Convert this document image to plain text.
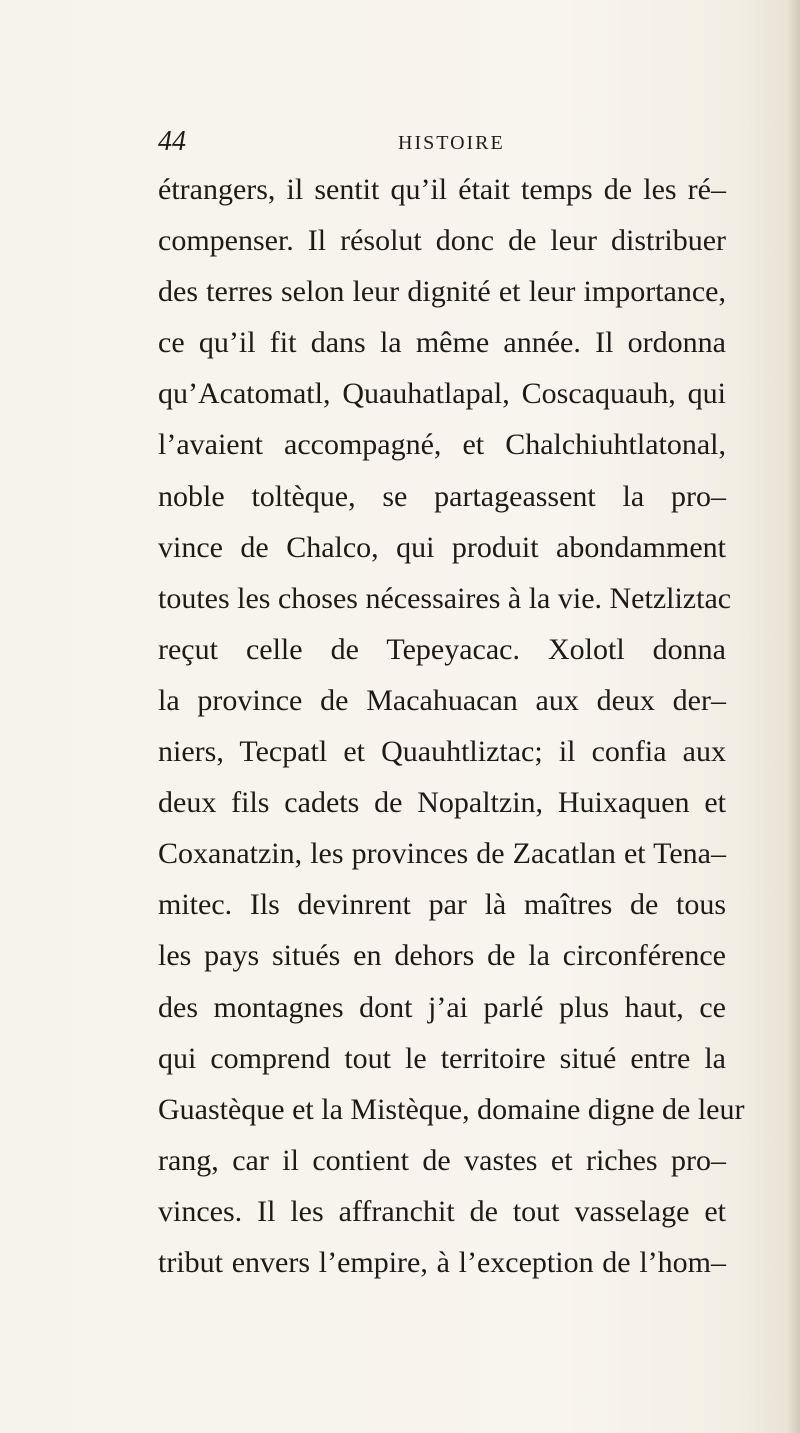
44	HISTOIRE
étrangers, il sentit qu’il était temps de les ré–
compenser. Il résolut donc de leur distribuer
des terres selon leur dignité et leur importance,
ce qu’il fit dans la même année. Il ordonna
qu’Acatomatl, Quauhatlapal, Coscaquauh, qui
l’avaient accompagné, et Chalchiuhtlatonal,
noble toltèque, se partageassent la pro–
vince de Chalco, qui produit abondamment
toutes les choses nécessaires à la vie. Netzliztac
reçut celle de Tepeyacac. Xolotl donna
la province de Macahuacan aux deux der–
niers, Tecpatl et Quauhtliztac; il confia aux
deux fils cadets de Nopaltzin, Huixaquen et
Coxanatzin, les provinces de Zacatlan et Tena–
mitec. Ils devinrent par là maîtres de tous
les pays situés en dehors de la circonférence
des montagnes dont j’ai parlé plus haut, ce
qui comprend tout le territoire situé entre la
Guastèque et la Mistèque, domaine digne de leur
rang, car il contient de vastes et riches pro–
vinces. Il les affranchit de tout vasselage et
tribut envers l’empire, à l’exception de l’hom–
